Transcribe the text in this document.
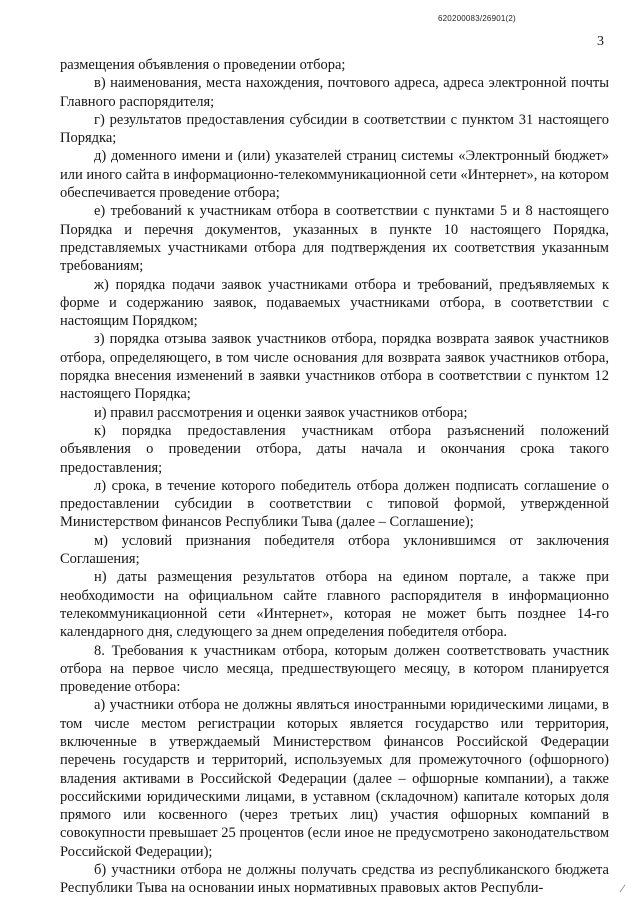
620200083/26901(2)
3

размещения объявления о проведении отбора;

в) наименования, места нахождения, почтового адреса, адреса электронной почты Главного распорядителя;

г) результатов предоставления субсидии в соответствии с пунктом 31 настоящего Порядка;

д) доменного имени и (или) указателей страниц системы «Электронный бюджет» или иного сайта в информационно-телекоммуникационной сети «Интернет», на котором обеспечивается проведение отбора;

е) требований к участникам отбора в соответствии с пунктами 5 и 8 настоящего Порядка и перечня документов, указанных в пункте 10 настоящего Порядка, представляемых участниками отбора для подтверждения их соответствия указанным требованиям;

ж) порядка подачи заявок участниками отбора и требований, предъявляемых к форме и содержанию заявок, подаваемых участниками отбора, в соответствии с настоящим Порядком;

з) порядка отзыва заявок участников отбора, порядка возврата заявок участников отбора, определяющего, в том числе основания для возврата заявок участников отбора, порядка внесения изменений в заявки участников отбора в соответствии с пунктом 12 настоящего Порядка;

и) правил рассмотрения и оценки заявок участников отбора;

к) порядка предоставления участникам отбора разъяснений положений объявления о проведении отбора, даты начала и окончания срока такого предоставления;

л) срока, в течение которого победитель отбора должен подписать соглашение о предоставлении субсидии в соответствии с типовой формой, утвержденной Министерством финансов Республики Тыва (далее – Соглашение);

м) условий признания победителя отбора уклонившимся от заключения Соглашения;

н) даты размещения результатов отбора на едином портале, а также при необходимости на официальном сайте главного распорядителя в информационно телекоммуникационной сети «Интернет», которая не может быть позднее 14-го календарного дня, следующего за днем определения победителя отбора.

8. Требования к участникам отбора, которым должен соответствовать участник отбора на первое число месяца, предшествующего месяцу, в котором планируется проведение отбора:

а) участники отбора не должны являться иностранными юридическими лицами, в том числе местом регистрации которых является государство или территория, включенные в утверждаемый Министерством финансов Российской Федерации перечень государств и территорий, используемых для промежуточного (офшорного) владения активами в Российской Федерации (далее – офшорные компании), а также российскими юридическими лицами, в уставном (складочном) капитале которых доля прямого или косвенного (через третьих лиц) участия офшорных компаний в совокупности превышает 25 процентов (если иное не предусмотрено законодательством Российской Федерации);

б) участники отбора не должны получать средства из республиканского бюджета Республики Тыва на основании иных нормативных правовых актов Республи-
